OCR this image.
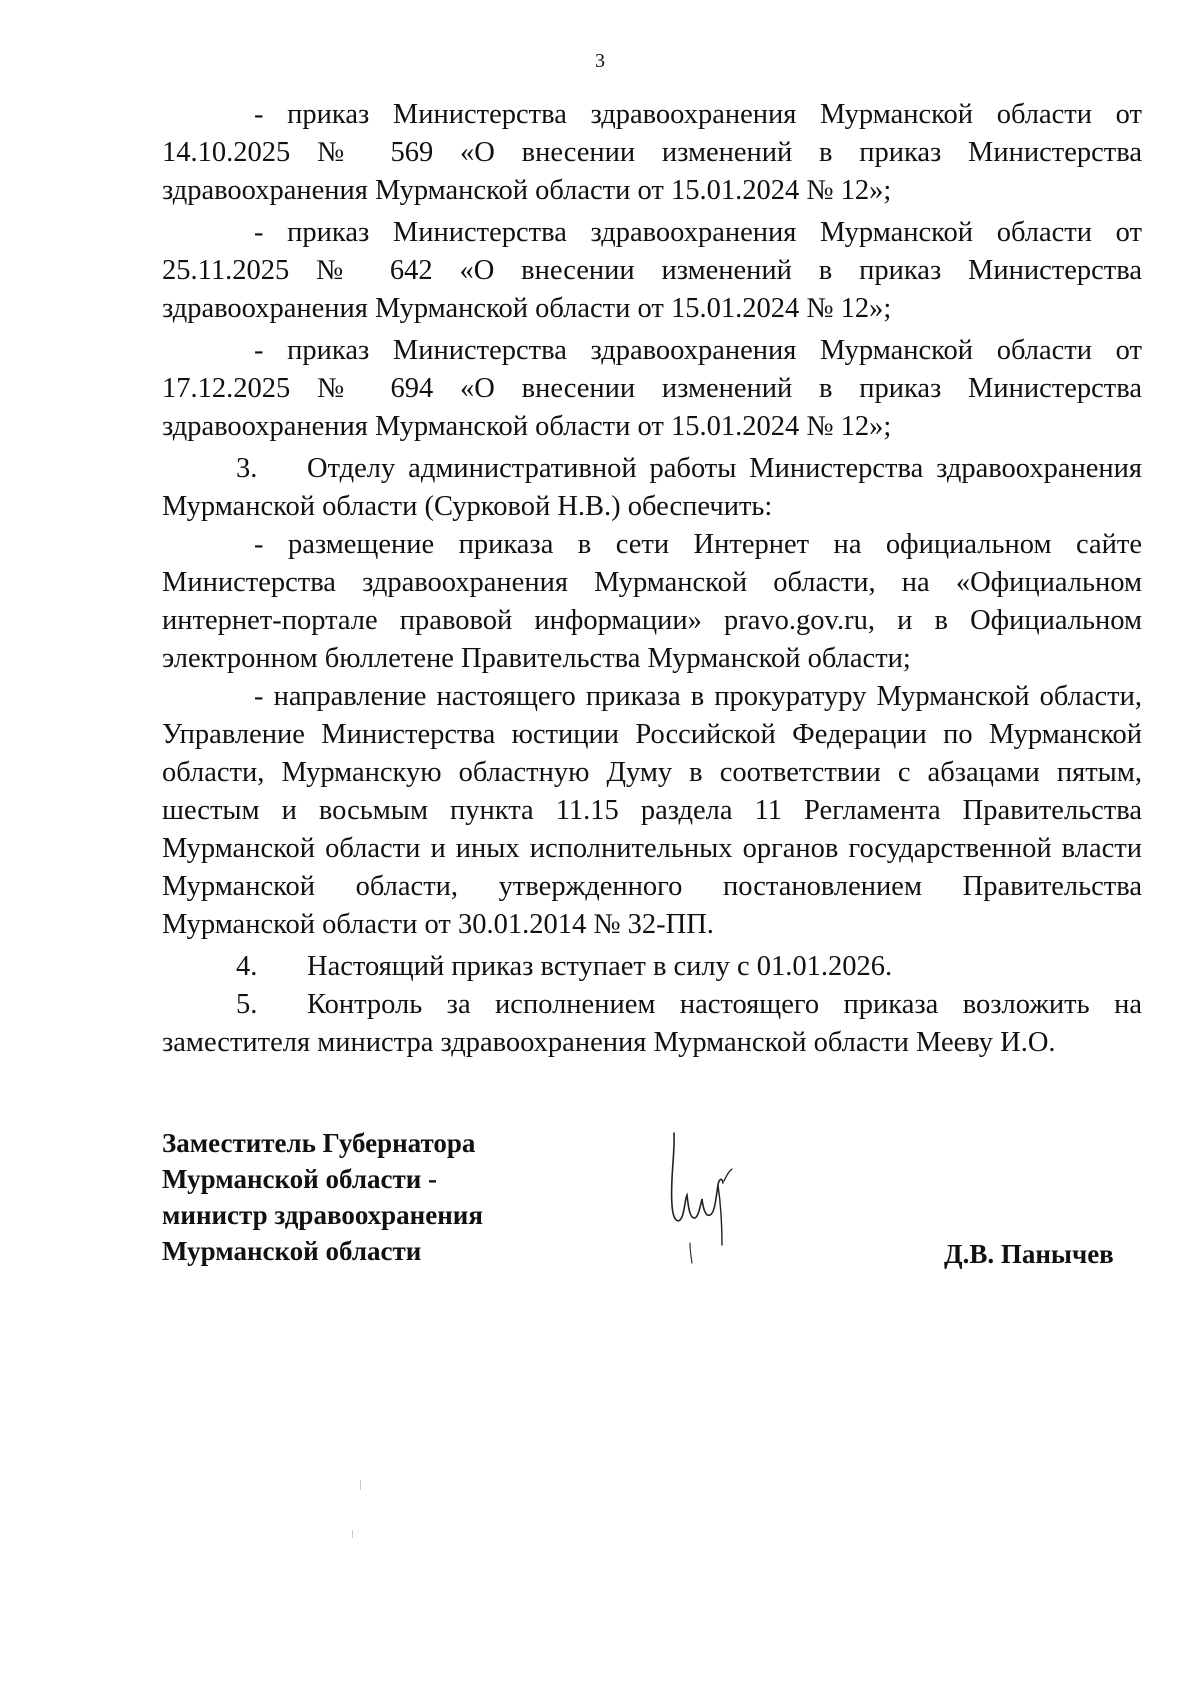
3

- приказ Министерства здравоохранения Мурманской области от 14.10.2025 № 569 «О внесении изменений в приказ Министерства здравоохранения Мурманской области от 15.01.2024 № 12»;

- приказ Министерства здравоохранения Мурманской области от 25.11.2025 № 642 «О внесении изменений в приказ Министерства здравоохранения Мурманской области от 15.01.2024 № 12»;

- приказ Министерства здравоохранения Мурманской области от 17.12.2025 № 694 «О внесении изменений в приказ Министерства здравоохранения Мурманской области от 15.01.2024 № 12»;

3. Отделу административной работы Министерства здравоохранения Мурманской области (Сурковой Н.В.) обеспечить:

- размещение приказа в сети Интернет на официальном сайте Министерства здравоохранения Мурманской области, на «Официальном интернет-портале правовой информации» pravo.gov.ru, и в Официальном электронном бюллетене Правительства Мурманской области;

- направление настоящего приказа в прокуратуру Мурманской области, Управление Министерства юстиции Российской Федерации по Мурманской области, Мурманскую областную Думу в соответствии с абзацами пятым, шестым и восьмым пункта 11.15 раздела 11 Регламента Правительства Мурманской области и иных исполнительных органов государственной власти Мурманской области, утвержденного постановлением Правительства Мурманской области от 30.01.2014 № 32-ПП.

4. Настоящий приказ вступает в силу с 01.01.2026.

5. Контроль за исполнением настоящего приказа возложить на заместителя министра здравоохранения Мурманской области Мееву И.О.

Заместитель Губернатора
Мурманской области -
министр здравоохранения
Мурманской области	Д.В. Панычев
